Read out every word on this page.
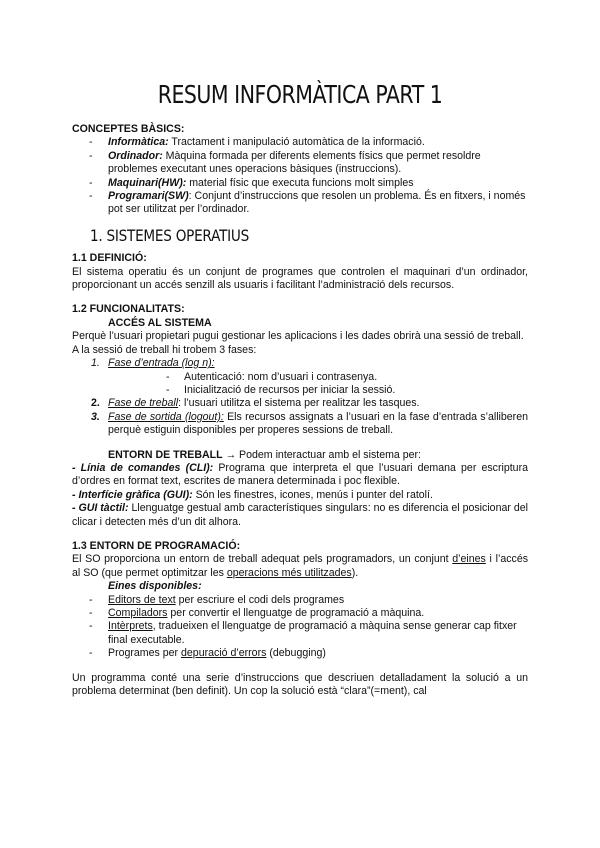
RESUM INFORMÀTICA PART 1

CONCEPTES BÀSICS:

- Informàtica: Tractament i manipulació automàtica de la informació.
- Ordinador: Màquina formada per diferents elements físics que permet resoldre problemes executant unes operacions bàsiques (instruccions).
- Maquinari(HW): material físic que executa funcions molt simples
- Programari(SW): Conjunt d’instruccions que resolen un problema. És en fitxers, i només pot ser utilitzat per l’ordinador.
1. SISTEMES OPERATIUS

1.1 DEFINICIÓ:

El sistema operatiu és un conjunt de programes que controlen el maquinari d’un ordinador, proporcionant un accés senzill als usuaris i facilitant l’administració dels recursos.

1.2 FUNCIONALITATS:

ACCÉS AL SISTEMA

Perquè l’usuari propietari pugui gestionar les aplicacions i les dades obrirà una sessió de treball. A la sessió de treball hi trobem 3 fases:

1. Fase d’entrada (log n):
- Autenticació: nom d’usuari i contrasenya.
- Inicialització de recursos per iniciar la sessió.
2. Fase de treball: l’usuari utilitza el sistema per realitzar les tasques.
3. Fase de sortida (logout): Els recursos assignats a l’usuari en la fase d’entrada s’alliberen perquè estiguin disponibles per properes sessions de treball.

ENTORN DE TREBALL → Podem interactuar amb el sistema per:

- Línia de comandes (CLI): Programa que interpreta el que l’usuari demana per escriptura d’ordres en format text, escrites de manera determinada i poc flexible.

- Interfície gràfica (GUI): Són les finestres, icones, menús i punter del ratolí.

- GUI tàctil: Llenguatge gestual amb característiques singulars: no es diferencia el posicionar del clicar i detecten més d’un dit alhora.

1.3 ENTORN DE PROGRAMACIÓ:

El SO proporciona un entorn de treball adequat pels programadors, un conjunt d’eines i l’accés al SO (que permet optimitzar les operacions més utilitzades).

Eines disponibles:

- Editors de text per escriure el codi dels programes
- Compiladors per convertir el llenguatge de programació a màquina.
- Intèrprets, tradueixen el llenguatge de programació a màquina sense generar cap fitxer final executable.
- Programes per depuració d’errors (debugging)

Un programma conté una serie d’instruccions que descriuen detalladament la solució a un problema determinat (ben definit). Un cop la solució està “clara”(=ment), cal
